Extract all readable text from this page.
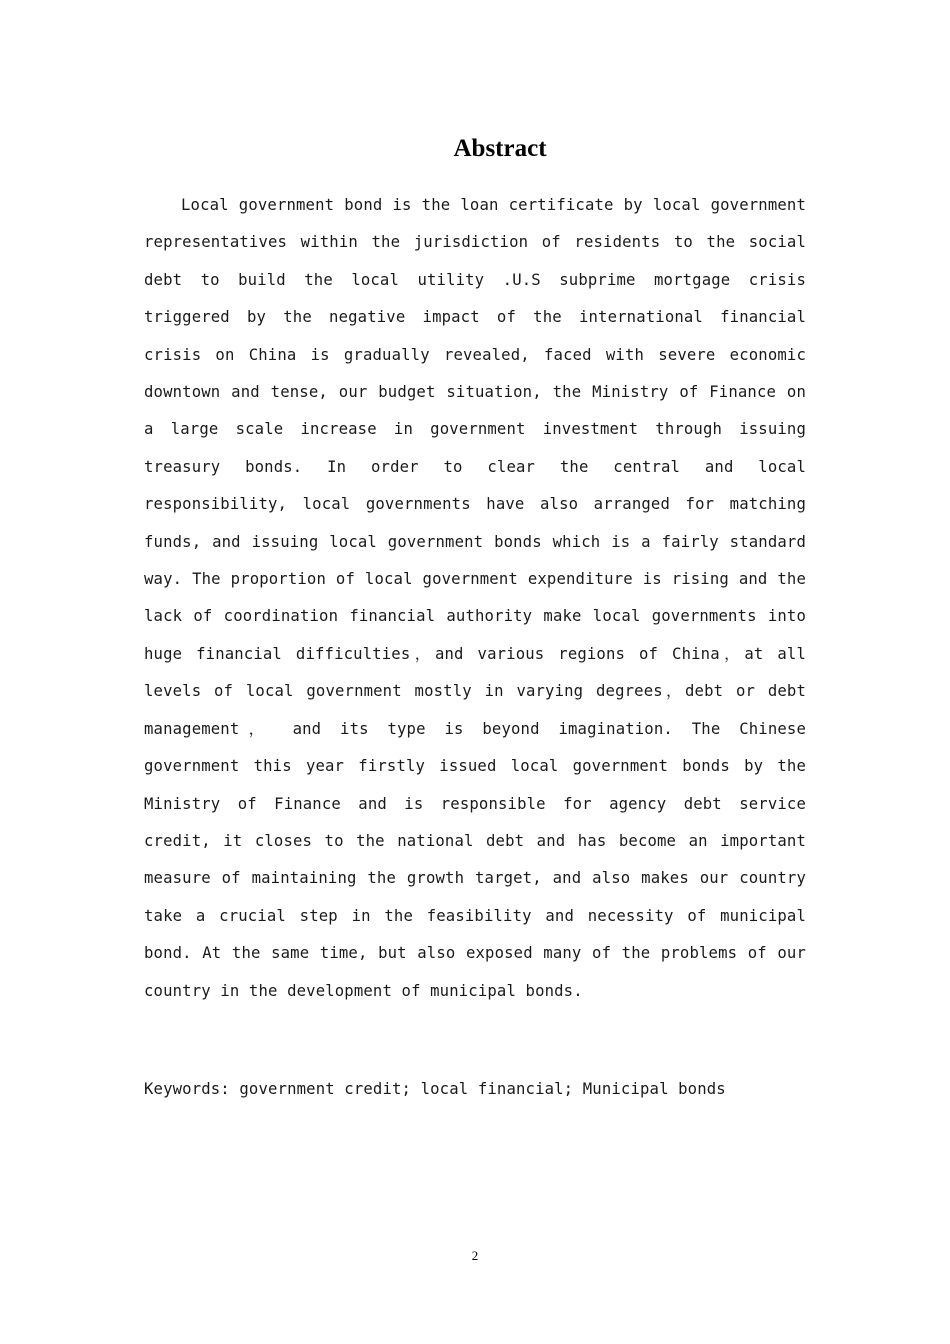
Abstract

Local government bond is the loan certificate by local government representatives within the jurisdiction of residents to the social debt to build the local utility .U.S subprime mortgage crisis triggered by the negative impact of the international financial crisis on China is gradually revealed, faced with severe economic downtown and tense, our budget situation, the Ministry of Finance on a large scale increase in government investment through issuing treasury bonds. In order to clear the central and local responsibility, local governments have also arranged for matching funds, and issuing local government bonds which is a fairly standard way. The proportion of local government expenditure is rising and the lack of coordination financial authority make local governments into huge financial difficulties，and various regions of China，at all levels of local government mostly in varying degrees，debt or debt management， and its type is beyond imagination. The Chinese government this year firstly issued local government bonds by the Ministry of Finance and is responsible for agency debt service credit, it closes to the national debt and has become an important measure of maintaining the growth target, and also makes our country take a crucial step in the feasibility and necessity of municipal bond. At the same time, but also exposed many of the problems of our country in the development of municipal bonds.

Keywords: government credit; local financial; Municipal bonds

2
